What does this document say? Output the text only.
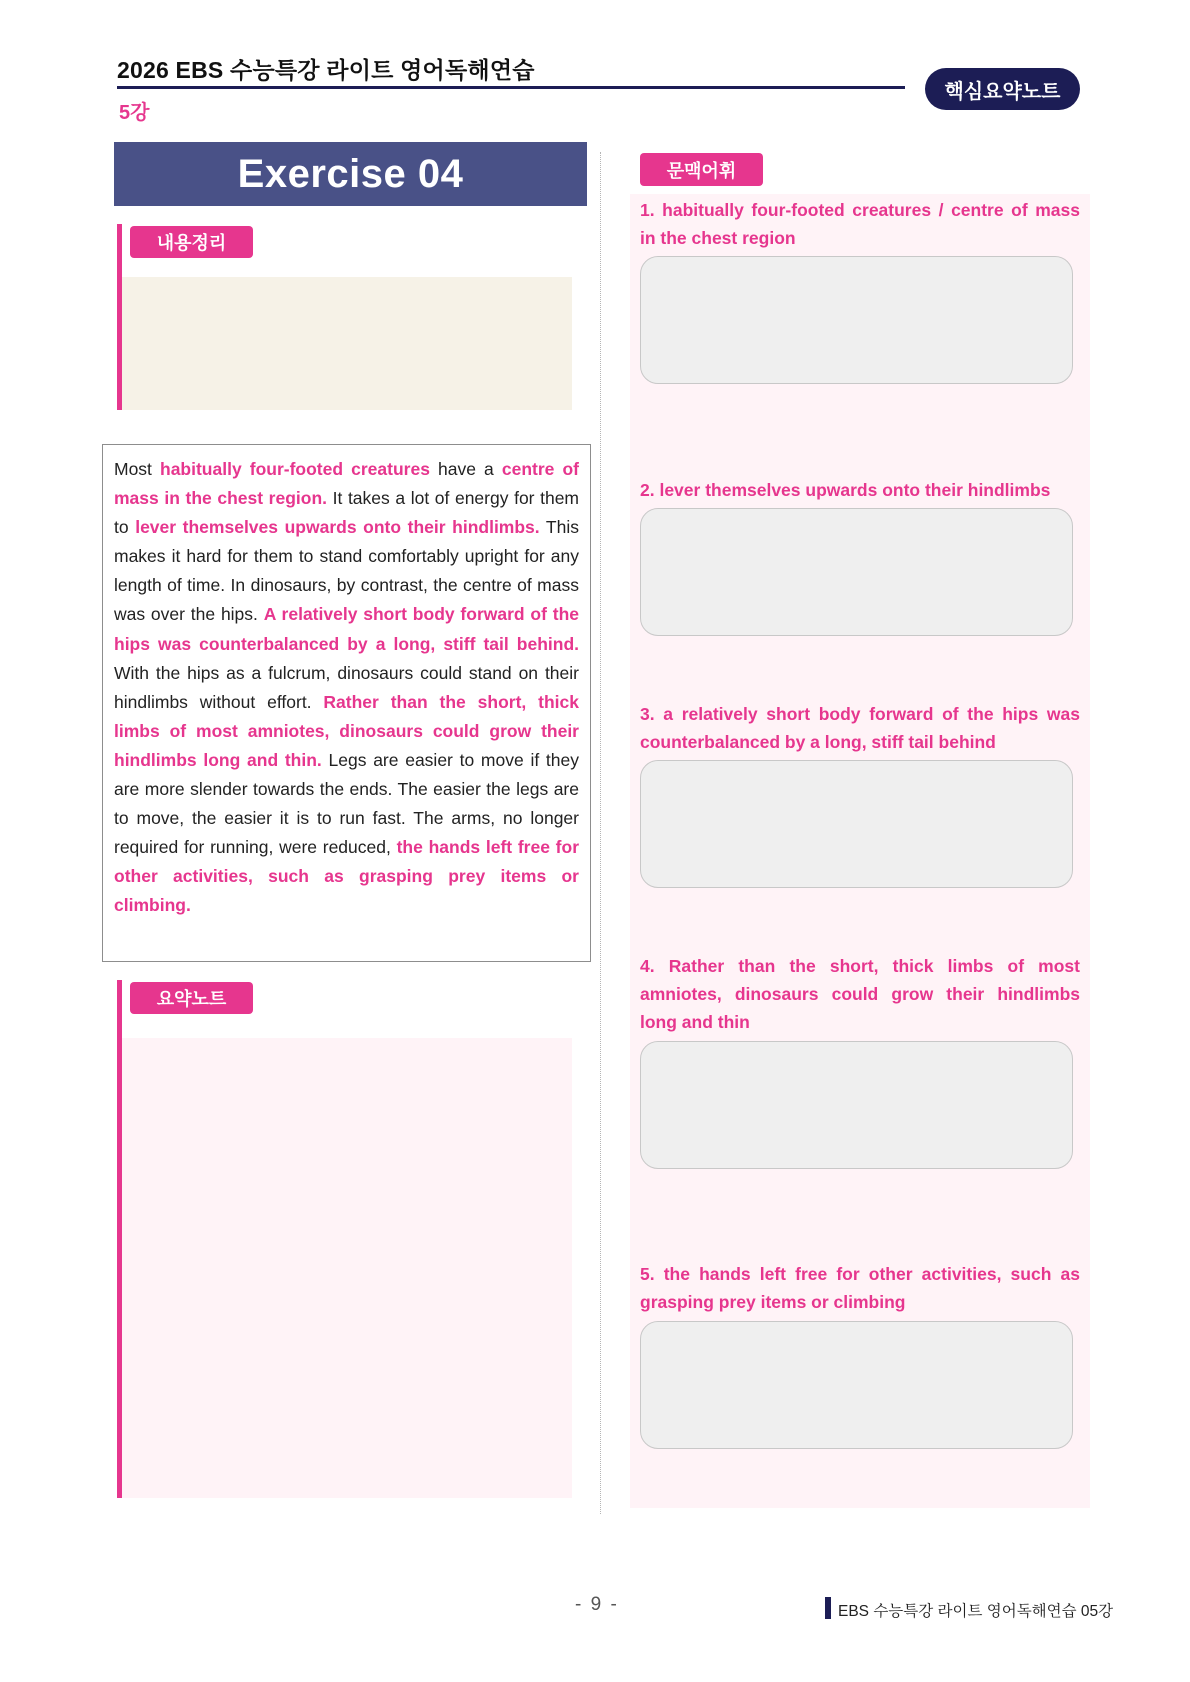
2026 EBS 수능특강 라이트 영어독해연습
5강
핵심요약노트
Exercise 04
내용정리
Most habitually four-footed creatures have a centre of mass in the chest region. It takes a lot of energy for them to lever themselves upwards onto their hindlimbs. This makes it hard for them to stand comfortably upright for any length of time. In dinosaurs, by contrast, the centre of mass was over the hips. A relatively short body forward of the hips was counterbalanced by a long, stiff tail behind. With the hips as a fulcrum, dinosaurs could stand on their hindlimbs without effort. Rather than the short, thick limbs of most amniotes, dinosaurs could grow their hindlimbs long and thin. Legs are easier to move if they are more slender towards the ends. The easier the legs are to move, the easier it is to run fast. The arms, no longer required for running, were reduced, the hands left free for other activities, such as grasping prey items or climbing.
요약노트
문맥어휘
1. habitually four-footed creatures / centre of mass in the chest region
2. lever themselves upwards onto their hindlimbs
3. a relatively short body forward of the hips was counterbalanced by a long, stiff tail behind
4. Rather than the short, thick limbs of most amniotes, dinosaurs could grow their hindlimbs long and thin
5. the hands left free for other activities, such as grasping prey items or climbing
- 9 -	EBS 수능특강 라이트 영어독해연습 05강
